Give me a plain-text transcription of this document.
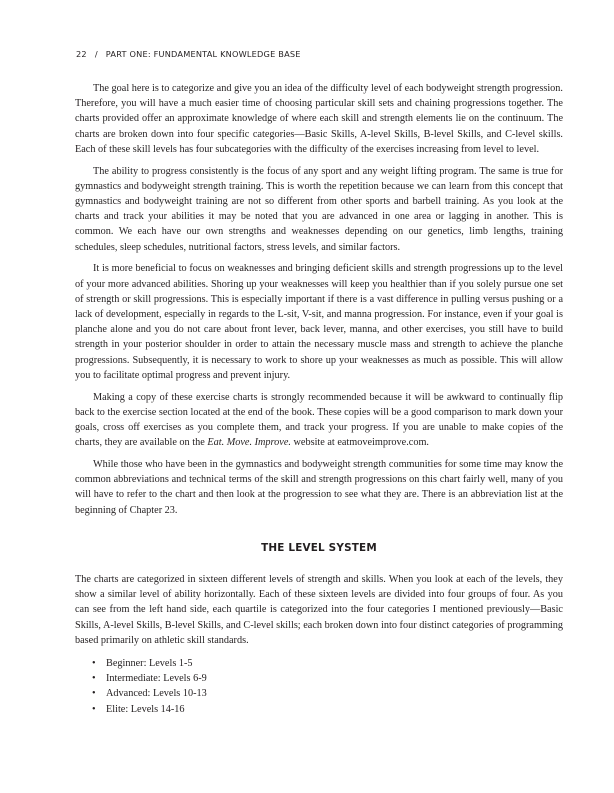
22 / PART ONE: FUNDAMENTAL KNOWLEDGE BASE

The goal here is to categorize and give you an idea of the difficulty level of each bodyweight strength progression. Therefore, you will have a much easier time of choosing particular skill sets and chaining progressions together. The charts provided offer an approximate knowledge of where each skill and strength elements lie on the continuum. The charts are broken down into four specific categories—Basic Skills, A-level Skills, B-level Skills, and C-level skills. Each of these skill levels has four subcategories with the difficulty of the exercises increasing from level to level.

The ability to progress consistently is the focus of any sport and any weight lifting program. The same is true for gymnastics and bodyweight strength training. This is worth the repetition because we can learn from this concept that gymnastics and bodyweight training are not so different from other sports and barbell training. As you look at the charts and track your abilities it may be noted that you are advanced in one area or lagging in another. This is common. We each have our own strengths and weaknesses depending on our genetics, limb lengths, training schedules, sleep schedules, nutritional factors, stress levels, and similar factors.

It is more beneficial to focus on weaknesses and bringing deficient skills and strength progressions up to the level of your more advanced abilities. Shoring up your weaknesses will keep you healthier than if you solely pursue one set of strength or skill progressions. This is especially important if there is a vast difference in pulling versus pushing or a lack of development, especially in regards to the L-sit, V-sit, and manna progression. For instance, even if your goal is planche alone and you do not care about front lever, back lever, manna, and other exercises, you still have to build strength in your posterior shoulder in order to attain the necessary muscle mass and strength to achieve the planche progressions. Subsequently, it is necessary to work to shore up your weaknesses as much as possible. This will allow you to facilitate optimal progress and prevent injury.

Making a copy of these exercise charts is strongly recommended because it will be awkward to continually flip back to the exercise section located at the end of the book. These copies will be a good comparison to mark down your goals, cross off exercises as you complete them, and track your progress. If you are unable to make copies of the charts, they are available on the Eat. Move. Improve. website at eatmoveimprove.com.

While those who have been in the gymnastics and bodyweight strength communities for some time may know the common abbreviations and technical terms of the skill and strength progressions on this chart fairly well, many of you will have to refer to the chart and then look at the progression to see what they are. There is an abbreviation list at the beginning of Chapter 23.

THE LEVEL SYSTEM

The charts are categorized in sixteen different levels of strength and skills. When you look at each of the levels, they show a similar level of ability horizontally. Each of these sixteen levels are divided into four groups of four. As you can see from the left hand side, each quartile is categorized into the four categories I mentioned previously—Basic Skills, A-level Skills, B-level Skills, and C-level skills; each broken down into four distinct categories of programming based primarily on athletic skill standards.

• Beginner: Levels 1-5
• Intermediate: Levels 6-9
• Advanced: Levels 10-13
• Elite: Levels 14-16
